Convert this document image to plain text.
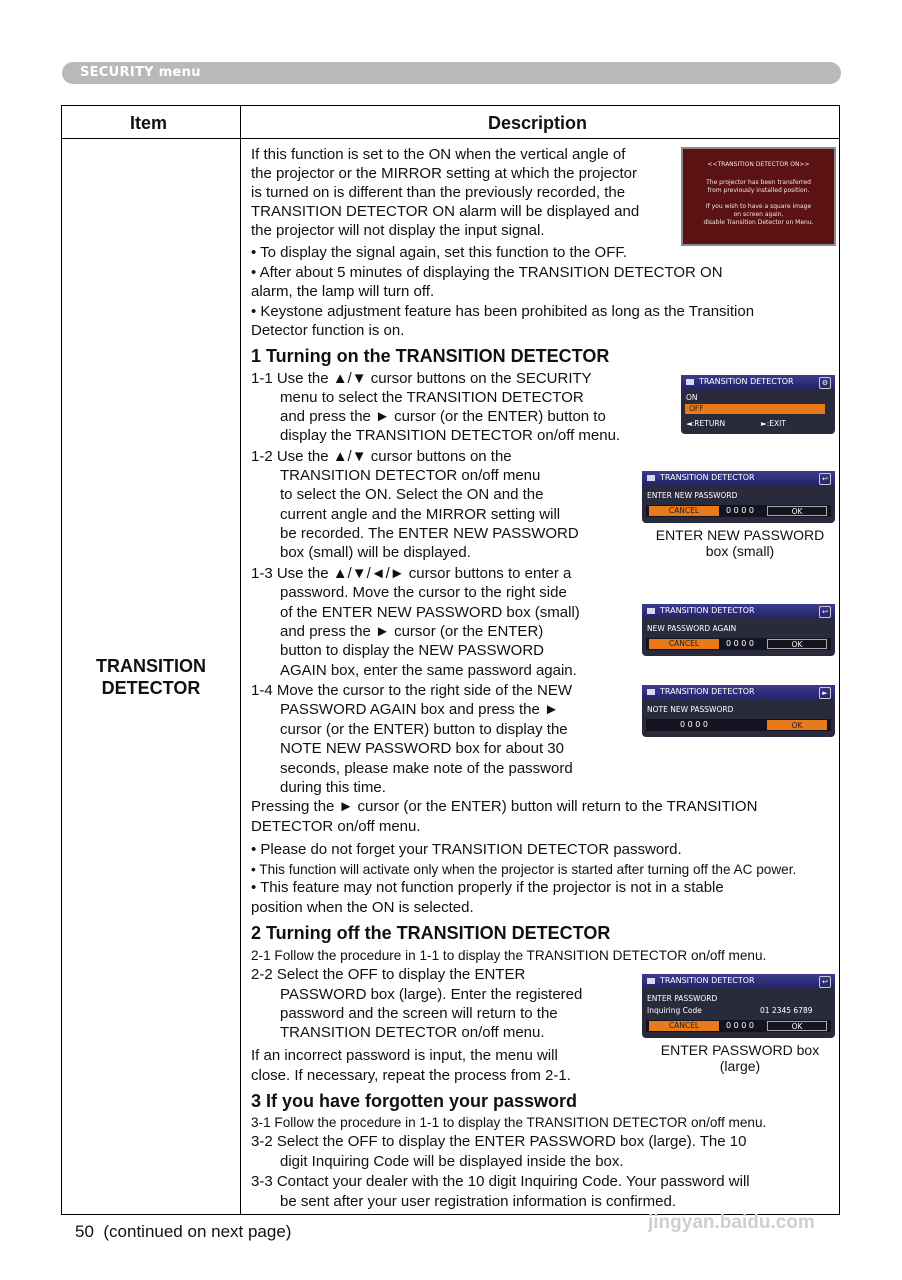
SECURITY menu
Item	Description
TRANSITION
DETECTOR
If this function is set to the ON when the vertical angle of
the projector or the MIRROR setting at which the projector
is turned on is different than the previously recorded, the
TRANSITION DETECTOR ON alarm will be displayed and
the projector will not display the input signal.
• To display the signal again, set this function to the OFF.
• After about 5 minutes of displaying the TRANSITION DETECTOR ON
alarm, the lamp will turn off.
• Keystone adjustment feature has been prohibited as long as the Transition
Detector function is on.
<<TRANSITION DETECTOR ON>>
The projector has been transferred
from previously installed position.
If you wish to have a square image
on screen again,
disable Transition Detector on Menu.
1 Turning on the TRANSITION DETECTOR
1-1 Use the ▲/▼ cursor buttons on the SECURITY
menu to select the TRANSITION DETECTOR
and press the ► cursor (or the ENTER) button to
display the TRANSITION DETECTOR on/off menu.
1-2 Use the ▲/▼ cursor buttons on the
TRANSITION DETECTOR on/off menu
to select the ON. Select the ON and the
current angle and the MIRROR setting will
be recorded. The ENTER NEW PASSWORD
box (small) will be displayed.
1-3 Use the ▲/▼/◄/► cursor buttons to enter a
password. Move the cursor to the right side
of the ENTER NEW PASSWORD box (small)
and press the ► cursor (or the ENTER)
button to display the NEW PASSWORD
AGAIN box, enter the same password again.
1-4 Move the cursor to the right side of the NEW
PASSWORD AGAIN box and press the ►
cursor (or the ENTER) button to display the
NOTE NEW PASSWORD box for about 30
seconds, please make note of the password
during this time.
Pressing the ► cursor (or the ENTER) button will return to the TRANSITION
DETECTOR on/off menu.
• Please do not forget your TRANSITION DETECTOR password.
• This function will activate only when the projector is started after turning off the AC power.
• This feature may not function properly if the projector is not in a stable
position when the ON is selected.
TRANSITION DETECTOR	⚙
ON
OFF
◄:RETURN	►:EXIT
TRANSITION DETECTOR	↩
ENTER NEW PASSWORD
CANCEL	0 0 0 0	OK
ENTER NEW PASSWORD
box (small)
TRANSITION DETECTOR	↩
NEW PASSWORD AGAIN
CANCEL	0 0 0 0	OK
TRANSITION DETECTOR	►
NOTE NEW PASSWORD
0 0 0 0	OK
2 Turning off the TRANSITION DETECTOR
2-1 Follow the procedure in 1-1 to display the TRANSITION DETECTOR on/off menu.
2-2 Select the OFF to display the ENTER
PASSWORD box (large). Enter the registered
password and the screen will return to the
TRANSITION DETECTOR on/off menu.
If an incorrect password is input, the menu will
close. If necessary, repeat the process from 2-1.
TRANSITION DETECTOR	↩
ENTER PASSWORD
Inquiring Code	01 2345 6789
CANCEL	0 0 0 0	OK
ENTER PASSWORD box
(large)
3 If you have forgotten your password
3-1 Follow the procedure in 1-1 to display the TRANSITION DETECTOR on/off menu.
3-2 Select the OFF to display the ENTER PASSWORD box (large). The 10
digit Inquiring Code will be displayed inside the box.
3-3 Contact your dealer with the 10 digit Inquiring Code. Your password will
be sent after your user registration information is confirmed.
jingyan.baidu.com
50 (continued on next page)
